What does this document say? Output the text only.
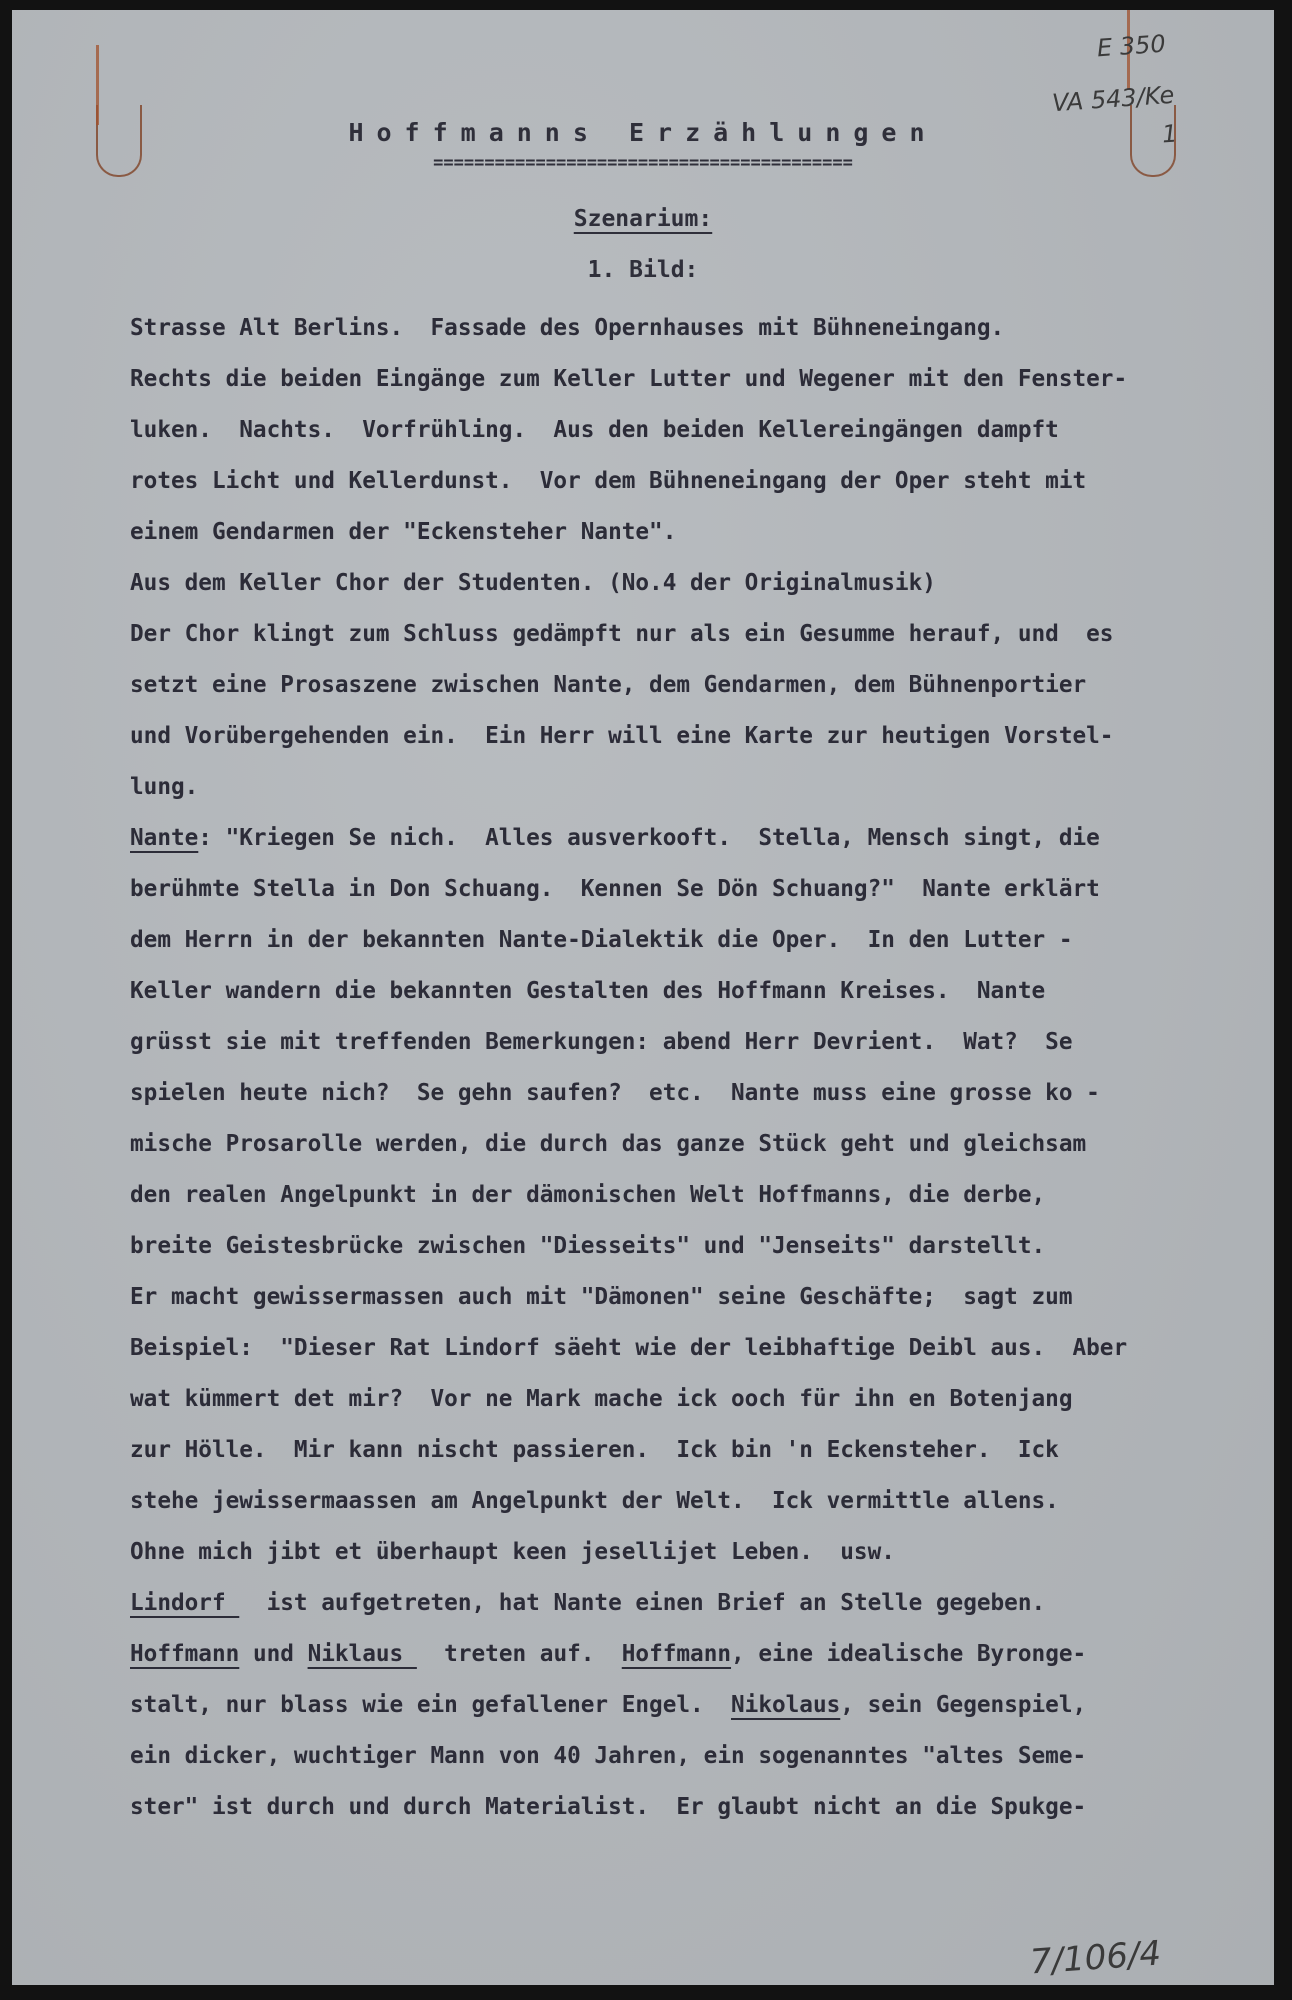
E 350
VA 543/Ke
1
7/106/4
Hoffmanns Erzählungen
=========================================
Szenarium:
1. Bild:
Strasse Alt Berlins.  Fassade des Opernhauses mit Bühneneingang.
Rechts die beiden Eingänge zum Keller Lutter und Wegener mit den Fenster-
luken.  Nachts.  Vorfrühling.  Aus den beiden Kellereingängen dampft
rotes Licht und Kellerdunst.  Vor dem Bühneneingang der Oper steht mit
einem Gendarmen der "Eckensteher Nante".
Aus dem Keller Chor der Studenten. (No.4 der Originalmusik)
Der Chor klingt zum Schluss gedämpft nur als ein Gesumme herauf, und  es
setzt eine Prosaszene zwischen Nante, dem Gendarmen, dem Bühnenportier
und Vorübergehenden ein.  Ein Herr will eine Karte zur heutigen Vorstel-
lung.
Nante: "Kriegen Se nich.  Alles ausverkooft.  Stella, Mensch singt, die
berühmte Stella in Don Schuang.  Kennen Se Dön Schuang?"  Nante erklärt
dem Herrn in der bekannten Nante-Dialektik die Oper.  In den Lutter -
Keller wandern die bekannten Gestalten des Hoffmann Kreises.  Nante
grüsst sie mit treffenden Bemerkungen: abend Herr Devrient.  Wat?  Se
spielen heute nich?  Se gehn saufen?  etc.  Nante muss eine grosse ko -
mische Prosarolle werden, die durch das ganze Stück geht und gleichsam
den realen Angelpunkt in der dämonischen Welt Hoffmanns, die derbe,
breite Geistesbrücke zwischen "Diesseits" und "Jenseits" darstellt.
Er macht gewissermassen auch mit "Dämonen" seine Geschäfte;  sagt zum
Beispiel:  "Dieser Rat Lindorf säeht wie der leibhaftige Deibl aus.  Aber
wat kümmert det mir?  Vor ne Mark mache ick ooch für ihn en Botenjang
zur Hölle.  Mir kann nischt passieren.  Ick bin 'n Eckensteher.  Ick
stehe jewissermaassen am Angelpunkt der Welt.  Ick vermittle allens.
Ohne mich jibt et überhaupt keen jesellijet Leben.  usw.
Lindorf   ist aufgetreten, hat Nante einen Brief an Stelle gegeben.
Hoffmann und Niklaus   treten auf.  Hoffmann, eine idealische Byronge-
stalt, nur blass wie ein gefallener Engel.  Nikolaus, sein Gegenspiel,
ein dicker, wuchtiger Mann von 40 Jahren, ein sogenanntes "altes Seme-
ster" ist durch und durch Materialist.  Er glaubt nicht an die Spukge-
